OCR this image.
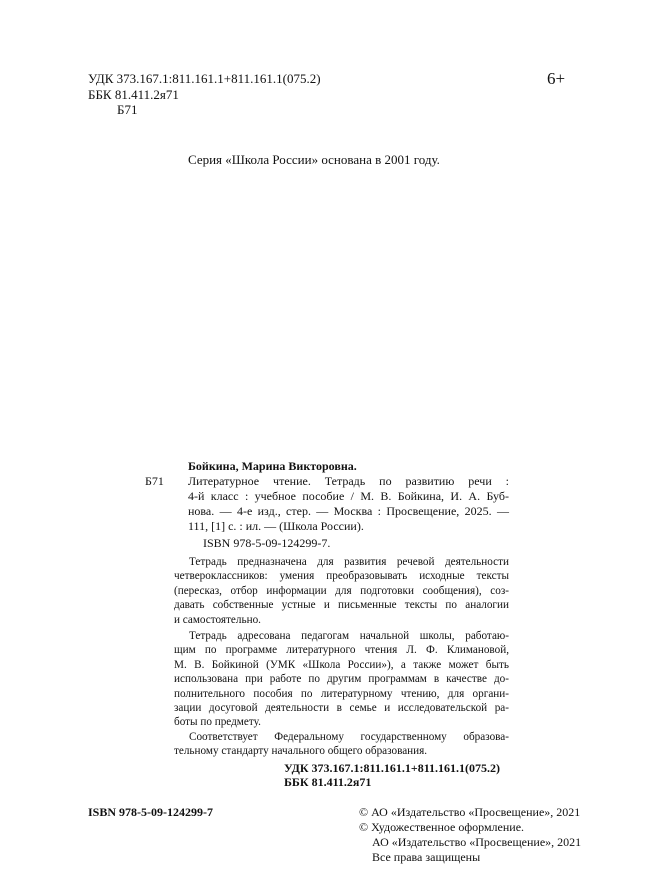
УДК 373.167.1:811.161.1+811.161.1(075.2)
ББК 81.411.2я71
Б71
6+
Серия «Школа России» основана в 2001 году.
Бойкина, Марина Викторовна.
Б71 Литературное чтение. Тетрадь по развитию речи :
4-й класс : учебное пособие / М. В. Бойкина, И. А. Буб-
нова. — 4-е изд., стер. — Москва : Просвещение, 2025. —
111, [1] с. : ил. — (Школа России).
ISBN 978-5-09-124299-7.
Тетрадь предназначена для развития речевой деятельности
четвероклассников: умения преобразовывать исходные тексты
(пересказ, отбор информации для подготовки сообщения), соз-
давать собственные устные и письменные тексты по аналогии
и самостоятельно.
Тетрадь адресована педагогам начальной школы, работаю-
щим по программе литературного чтения Л. Ф. Климановой,
М. В. Бойкиной (УМК «Школа России»), а также может быть
использована при работе по другим программам в качестве до-
полнительного пособия по литературному чтению, для органи-
зации досуговой деятельности в семье и исследовательской ра-
боты по предмету.
Соответствует Федеральному государственному образова-
тельному стандарту начального общего образования.
УДК 373.167.1:811.161.1+811.161.1(075.2)
ББК 81.411.2я71
ISBN 978-5-09-124299-7	© АО «Издательство «Просвещение», 2021
© Художественное оформление.
АО «Издательство «Просвещение», 2021
Все права защищены
